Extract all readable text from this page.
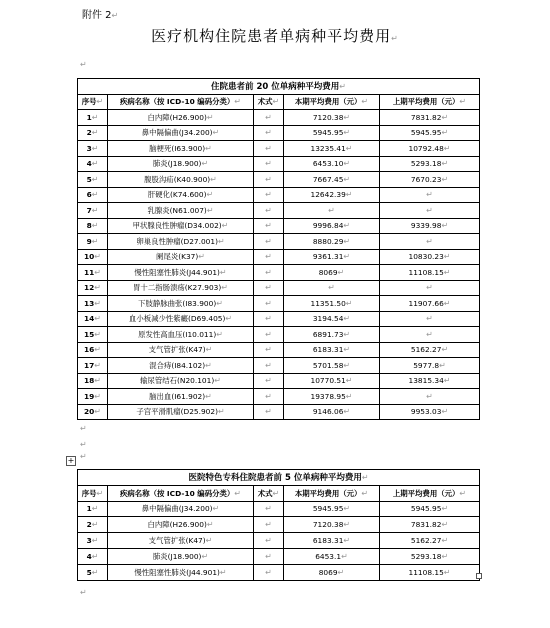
附件 2↵
医疗机构住院患者单病种平均费用↵
↵
住院患者前 20 位单病种平均费用↵				
序号↵	疾病名称（按 ICD-10 编码分类）↵	术式↵	本期平均费用（元）↵	上期平均费用（元）↵
1↵	白内障(H26.900)↵	↵	7120.38↵	7831.82↵
2↵	鼻中隔偏曲(J34.200)↵	↵	5945.95↵	5945.95↵
3↵	脑梗死(I63.900)↵	↵	13235.41↵	10792.48↵
4↵	肺炎(J18.900)↵	↵	6453.10↵	5293.18↵
5↵	腹股沟疝(K40.900)↵	↵	7667.45↵	7670.23↵
6↵	肝硬化(K74.600)↵	↵	12642.39↵	↵
7↵	乳腺炎(N61.007)↵	↵	↵	↵
8↵	甲状腺良性肿瘤(D34.002)↵	↵	9996.84↵	9339.98↵
9↵	卵巢良性肿瘤(D27.001)↵	↵	8880.29↵	↵
10↵	阑尾炎(K37)↵	↵	9361.31↵	10830.23↵
11↵	慢性阻塞性肺炎(J44.901)↵	↵	8069↵	11108.15↵
12↵	胃十二指肠溃疡(K27.903)↵	↵	↵	↵
13↵	下肢静脉曲张(I83.900)↵	↵	11351.50↵	11907.66↵
14↵	血小板减少性紫癜(D69.405)↵	↵	3194.54↵	↵
15↵	原发性高血压(I10.011)↵	↵	6891.73↵	↵
16↵	支气管扩张(K47)↵	↵	6183.31↵	5162.27↵
17↵	混合痔(I84.102)↵	↵	5701.58↵	5977.8↵
18↵	输尿管结石(N20.101)↵	↵	10770.51↵	13815.34↵
19↵	脑出血(I61.902)↵	↵	19378.95↵	↵
20↵	子宫平滑肌瘤(D25.902)↵	↵	9146.06↵	9953.03↵
↵
↵
+ ↵
医院特色专科住院患者前 5 位单病种平均费用↵				
序号↵	疾病名称（按 ICD-10 编码分类）↵	术式↵	本期平均费用（元）↵	上期平均费用（元）↵
1↵	鼻中隔偏曲(J34.200)↵	↵	5945.95↵	5945.95↵
2↵	白内障(H26.900)↵	↵	7120.38↵	7831.82↵
3↵	支气管扩张(K47)↵	↵	6183.31↵	5162.27↵
4↵	肺炎(J18.900)↵	↵	6453.1↵	5293.18↵
5↵	慢性阻塞性肺炎(J44.901)↵	↵	8069↵	11108.15↵
↵
